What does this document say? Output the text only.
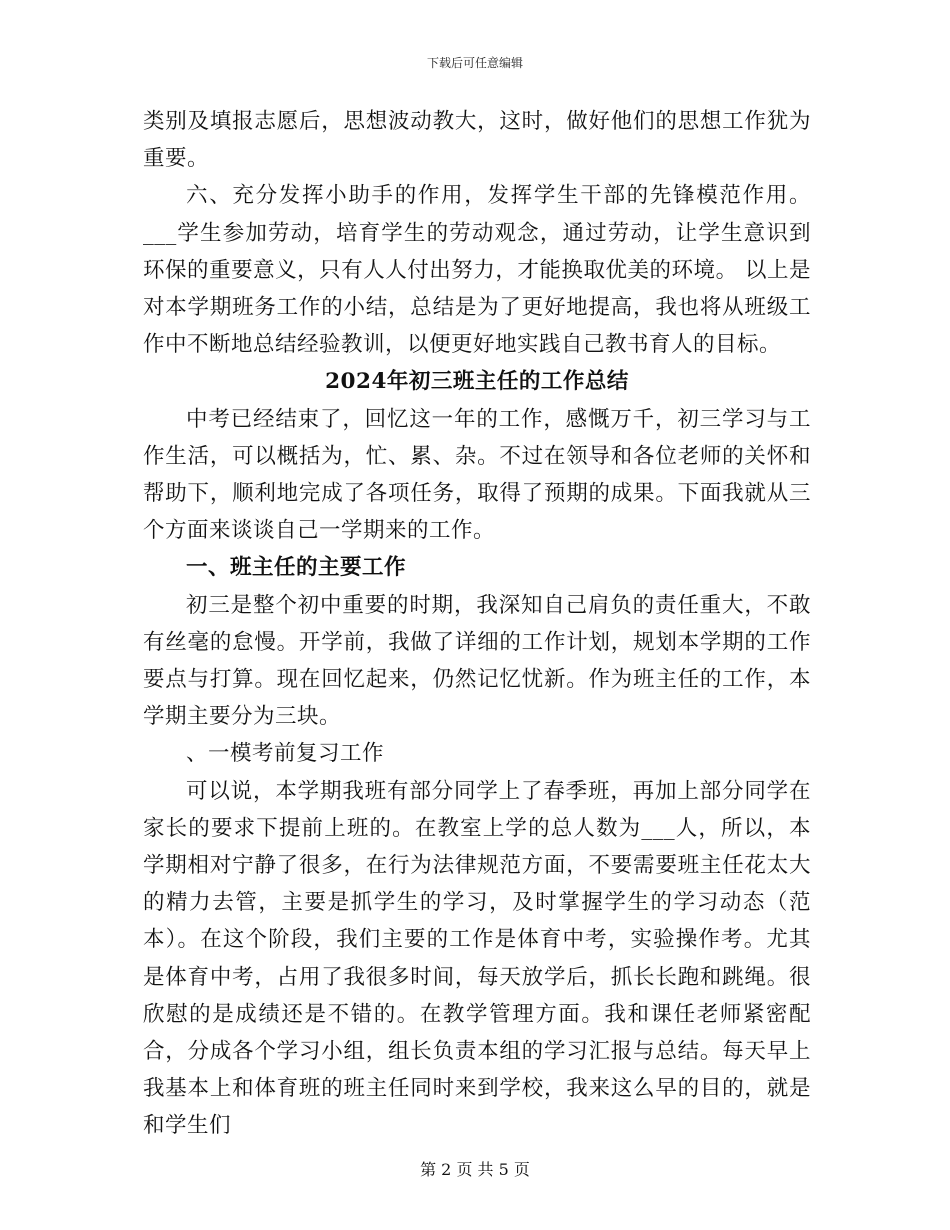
下载后可任意编辑

类别及填报志愿后，思想波动教大，这时，做好他们的思想工作犹为重要。

六、充分发挥小助手的作用，发挥学生干部的先锋模范作用。___学生参加劳动，培育学生的劳动观念，通过劳动，让学生意识到环保的重要意义，只有人人付出努力，才能换取优美的环境。 以上是对本学期班务工作的小结，总结是为了更好地提高，我也将从班级工作中不断地总结经验教训，以便更好地实践自己教书育人的目标。

2024年初三班主任的工作总结

中考已经结束了，回忆这一年的工作，感慨万千，初三学习与工作生活，可以概括为，忙、累、杂。不过在领导和各位老师的关怀和帮助下，顺利地完成了各项任务，取得了预期的成果。下面我就从三个方面来谈谈自己一学期来的工作。

一、班主任的主要工作

初三是整个初中重要的时期，我深知自己肩负的责任重大，不敢有丝毫的怠慢。开学前，我做了详细的工作计划，规划本学期的工作要点与打算。现在回忆起来，仍然记忆忧新。作为班主任的工作，本学期主要分为三块。

、一模考前复习工作

可以说，本学期我班有部分同学上了春季班，再加上部分同学在家长的要求下提前上班的。在教室上学的总人数为___人，所以，本学期相对宁静了很多，在行为法律规范方面，不要需要班主任花太大的精力去管，主要是抓学生的学习，及时掌握学生的学习动态（范本）。在这个阶段，我们主要的工作是体育中考，实验操作考。尤其是体育中考，占用了我很多时间，每天放学后，抓长长跑和跳绳。很欣慰的是成绩还是不错的。在教学管理方面。我和课任老师紧密配合，分成各个学习小组，组长负责本组的学习汇报与总结。每天早上我基本上和体育班的班主任同时来到学校，我来这么早的目的，就是和学生们

第 2 页 共 5 页
